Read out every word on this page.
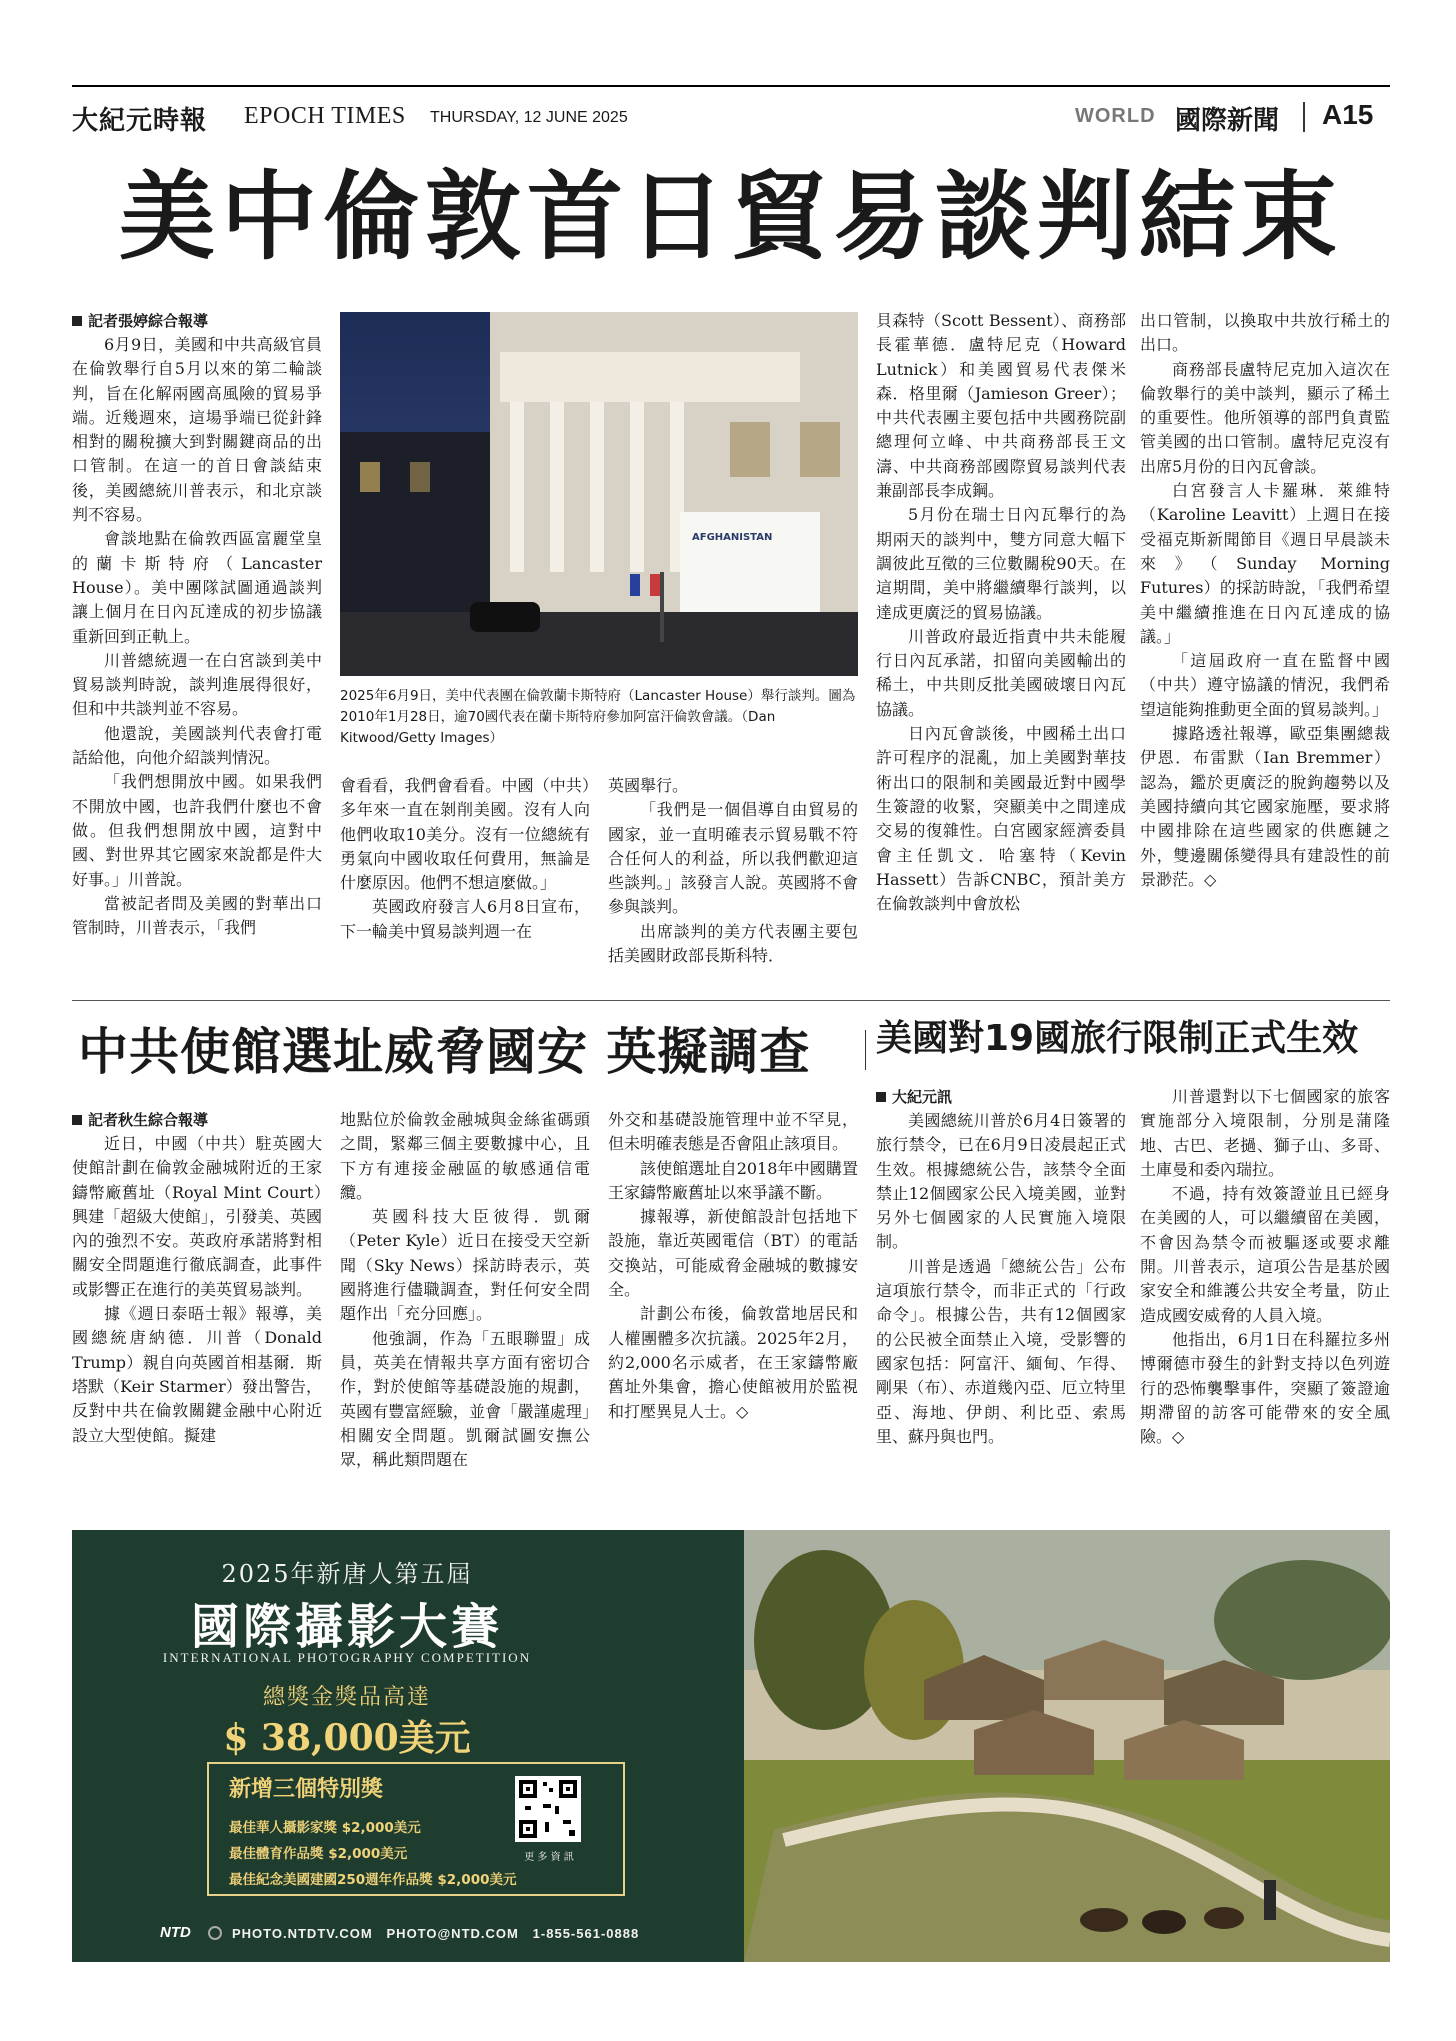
大紀元時報 EPOCH TIMES THURSDAY, 12 JUNE 2025	WORLD 國際新聞 A15
美中倫敦首日貿易談判結束
記者張婷綜合報導

6月9日，美國和中共高級官員在倫敦舉行自5月以來的第二輪談判，旨在化解兩國高風險的貿易爭端。近幾週來，這場爭端已從針鋒相對的關稅擴大到對關鍵商品的出口管制。在這一的首日會談結束後，美國總統川普表示，和北京談判不容易。

會談地點在倫敦西區富麗堂皇的蘭卡斯特府（Lancaster House）。美中團隊試圖通過談判讓上個月在日內瓦達成的初步協議重新回到正軌上。

川普總統週一在白宮談到美中貿易談判時說，談判進展得很好，但和中共談判並不容易。

他還說，美國談判代表會打電話給他，向他介紹談判情況。

「我們想開放中國。如果我們不開放中國，也許我們什麼也不會做。但我們想開放中國，這對中國、對世界其它國家來說都是件大好事。」川普說。

當被記者問及美國的對華出口管制時，川普表示，「我們

AFGHANISTAN
2025年6月9日，美中代表團在倫敦蘭卡斯特府（Lancaster House）舉行談判。圖為2010年1月28日，逾70國代表在蘭卡斯特府參加阿富汗倫敦會議。（Dan Kitwood/Getty Images）

會看看，我們會看看。中國（中共）多年來一直在剝削美國。沒有人向他們收取10美分。沒有一位總統有勇氣向中國收取任何費用，無論是什麼原因。他們不想這麼做。」

英國政府發言人6月8日宣布，下一輪美中貿易談判週一在

英國舉行。

「我們是一個倡導自由貿易的國家，並一直明確表示貿易戰不符合任何人的利益，所以我們歡迎這些談判。」該發言人說。英國將不會參與談判。

出席談判的美方代表團主要包括美國財政部長斯科特．

貝森特（Scott Bessent）、商務部長霍華德．盧特尼克（Howard Lutnick）和美國貿易代表傑米森．格里爾（Jamieson Greer）；中共代表團主要包括中共國務院副總理何立峰、中共商務部長王文濤、中共商務部國際貿易談判代表兼副部長李成鋼。

5月份在瑞士日內瓦舉行的為期兩天的談判中，雙方同意大幅下調彼此互徵的三位數關稅90天。在這期間，美中將繼續舉行談判，以達成更廣泛的貿易協議。

川普政府最近指責中共未能履行日內瓦承諾，扣留向美國輸出的稀土，中共則反批美國破壞日內瓦協議。

日內瓦會談後，中國稀土出口許可程序的混亂，加上美國對華技術出口的限制和美國最近對中國學生簽證的收緊，突顯美中之間達成交易的復雜性。白宮國家經濟委員會主任凱文．哈塞特（Kevin Hassett）告訴CNBC，預計美方在倫敦談判中會放松

出口管制，以換取中共放行稀土的出口。

商務部長盧特尼克加入這次在倫敦舉行的美中談判，顯示了稀土的重要性。他所領導的部門負責監管美國的出口管制。盧特尼克沒有出席5月份的日內瓦會談。

白宮發言人卡羅琳．萊維特（Karoline Leavitt）上週日在接受福克斯新聞節目《週日早晨談未來》（Sunday Morning Futures）的採訪時說，「我們希望美中繼續推進在日內瓦達成的協議。」

「這屆政府一直在監督中國（中共）遵守協議的情況，我們希望這能夠推動更全面的貿易談判。」

據路透社報導，歐亞集團總裁伊恩．布雷默（Ian Bremmer）認為，鑑於更廣泛的脫鉤趨勢以及美國持續向其它國家施壓，要求將中國排除在這些國家的供應鏈之外，雙邊關係變得具有建設性的前景渺茫。◇

中共使館選址威脅國安 英擬調查 美國對19國旅行限制正式生效
記者秋生綜合報導

近日，中國（中共）駐英國大使館計劃在倫敦金融城附近的王家鑄幣廠舊址（Royal Mint Court）興建「超級大使館」，引發美、英國內的強烈不安。英政府承諾將對相關安全問題進行徹底調查，此事件或影響正在進行的美英貿易談判。

據《週日泰晤士報》報導，美國總統唐納德．川普（Donald Trump）親自向英國首相基爾．斯塔默（Keir Starmer）發出警告，反對中共在倫敦關鍵金融中心附近設立大型使館。擬建

地點位於倫敦金融城與金絲雀碼頭之間，緊鄰三個主要數據中心，且下方有連接金融區的敏感通信電纜。

英國科技大臣彼得．凱爾（Peter Kyle）近日在接受天空新聞（Sky News）採訪時表示，英國將進行儘職調查，對任何安全問題作出「充分回應」。

他強調，作為「五眼聯盟」成員，英美在情報共享方面有密切合作，對於使館等基礎設施的規劃，英國有豐富經驗，並會「嚴謹處理」相關安全問題。凱爾試圖安撫公眾，稱此類問題在

外交和基礎設施管理中並不罕見，但未明確表態是否會阻止該項目。

該使館選址自2018年中國購置王家鑄幣廠舊址以來爭議不斷。

據報導，新使館設計包括地下設施，靠近英國電信（BT）的電話交換站，可能威脅金融城的數據安全。

計劃公布後，倫敦當地居民和人權團體多次抗議。2025年2月，約2,000名示威者，在王家鑄幣廠舊址外集會，擔心使館被用於監視和打壓異見人士。◇

大紀元訊

美國總統川普於6月4日簽署的旅行禁令，已在6月9日凌晨起正式生效。根據總統公告，該禁令全面禁止12個國家公民入境美國，並對另外七個國家的人民實施入境限制。

川普是透過「總統公告」公布這項旅行禁令，而非正式的「行政命令」。根據公告，共有12個國家的公民被全面禁止入境，受影響的國家包括：阿富汗、緬甸、乍得、剛果（布）、赤道幾內亞、厄立特里亞、海地、伊朗、利比亞、索馬里、蘇丹與也門。

川普還對以下七個國家的旅客實施部分入境限制，分別是蒲隆地、古巴、老撾、獅子山、多哥、土庫曼和委內瑞拉。

不過，持有效簽證並且已經身在美國的人，可以繼續留在美國，不會因為禁令而被驅逐或要求離開。川普表示，這項公告是基於國家安全和維護公共安全考量，防止造成國安威脅的人員入境。

他指出，6月1日在科羅拉多州博爾德市發生的針對支持以色列遊行的恐怖襲擊事件，突顯了簽證逾期滯留的訪客可能帶來的安全風險。◇

2025年新唐人第五屆
國際攝影大賽
INTERNATIONAL PHOTOGRAPHY COMPETITION
總獎金獎品高達
$ 38,000美元
新增三個特別獎
最佳華人攝影家獎 $2,000美元
最佳體育作品獎 $2,000美元
最佳紀念美國建國250週年作品獎 $2,000美元
更 多 資 訊
NTD	PHOTO.NTDTV.COM   PHOTO@NTD.COM   1-855-561-0888
